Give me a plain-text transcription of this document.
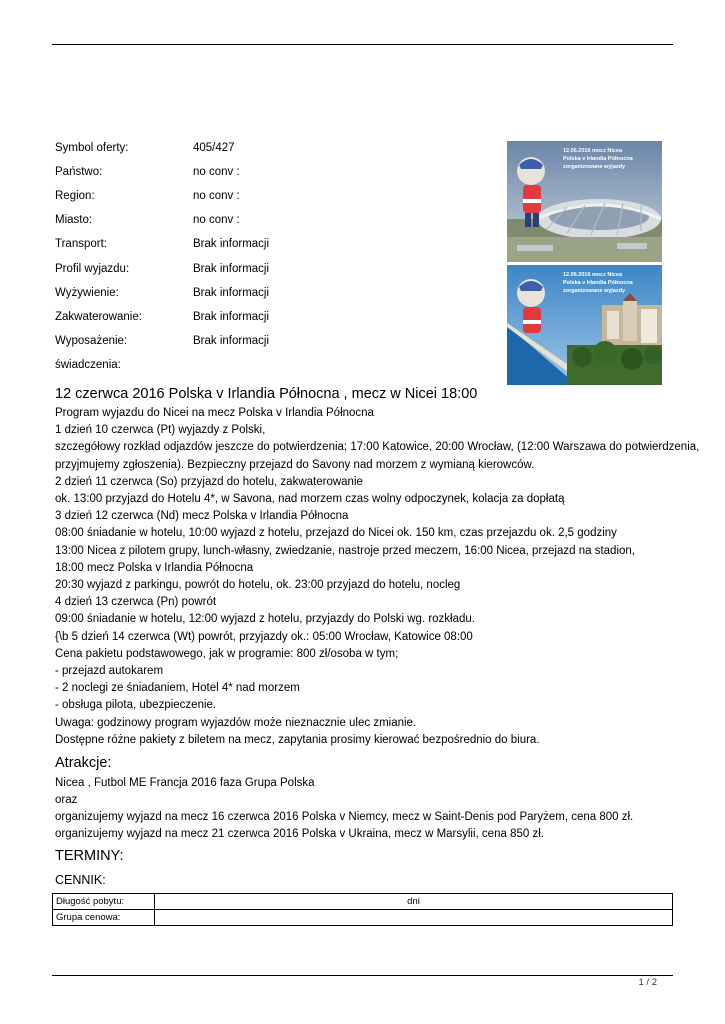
Symbol oferty:	405/427
Państwo:	no conv :
Region:	no conv :
Miasto:	no conv :
Transport:	Brak informacji
Profil wyjazdu:	Brak informacji
Wyżywienie:	Brak informacji
Zakwaterowanie:	Brak informacji
Wyposażenie:	Brak informacji
świadczenia:
12.06.2016 mecz Nicea
Polska v Irlandia Północna
zorganizowane wyjazdy
12.06.2016 mecz Nicea
Polska v Irlandia Północna
zorganizowane wyjazdy
12 czerwca 2016 Polska v Irlandia Północna , mecz w Nicei 18:00
Program wyjazdu do Nicei na mecz Polska v Irlandia Północna
1 dzień 10 czerwca (Pt) wyjazdy z Polski,
szczegółowy rozkład odjazdów jeszcze do potwierdzenia; 17:00 Katowice, 20:00 Wrocław, (12:00 Warszawa do potwierdzenia,
przyjmujemy zgłoszenia). Bezpieczny przejazd do Savony nad morzem z wymianą kierowców.
2 dzień 11 czerwca (So) przyjazd do hotelu, zakwaterowanie
ok. 13:00 przyjazd do Hotelu 4*, w Savona, nad morzem czas wolny odpoczynek, kolacja za dopłatą
3 dzień 12 czerwca (Nd) mecz Polska v Irlandia Północna
08:00 śniadanie w hotelu, 10:00 wyjazd z hotelu, przejazd do Nicei ok. 150 km, czas przejazdu ok. 2,5 godziny
13:00 Nicea z pilotem grupy, lunch-własny, zwiedzanie, nastroje przed meczem, 16:00 Nicea, przejazd na stadion,
18:00 mecz Polska v Irlandia Północna
20:30 wyjazd z parkingu, powrót do hotelu, ok. 23:00 przyjazd do hotelu, nocleg
4 dzień 13 czerwca (Pn) powrót
09:00 śniadanie w hotelu, 12:00 wyjazd z hotelu, przyjazdy do Polski wg. rozkładu.
{\b 5 dzień 14 czerwca (Wt) powrót, przyjazdy ok.: 05:00 Wrocław, Katowice 08:00
Cena pakietu podstawowego, jak w programie: 800 zł/osoba w tym;
- przejazd autokarem
- 2 noclegi ze śniadaniem, Hotel 4* nad morzem
- obsługa pilota, ubezpieczenie.
Uwaga: godzinowy program wyjazdów może nieznacznie ulec zmianie.
Dostępne różne pakiety z biletem na mecz, zapytania prosimy kierować bezpośrednio do biura.
Atrakcje:
Nicea , Futbol ME Francja 2016 faza Grupa Polska
oraz
organizujemy wyjazd na mecz 16 czerwca 2016 Polska v Niemcy, mecz w Saint-Denis pod Paryżem, cena 800 zł.
organizujemy wyjazd na mecz 21 czerwca 2016 Polska v Ukraina, mecz w Marsylii, cena 850 zł.
TERMINY:
CENNIK:
Długość pobytu:	dni
Grupa cenowa:	
1 / 2
